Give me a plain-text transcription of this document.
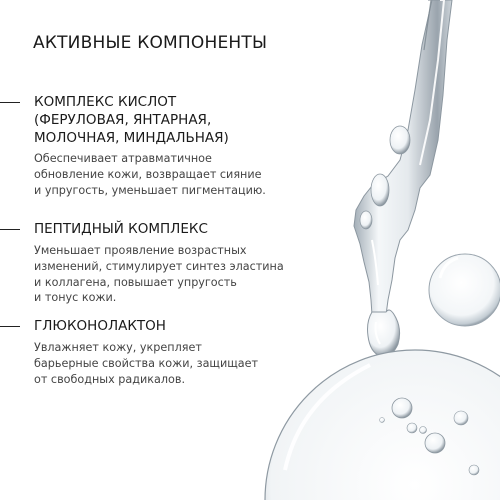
АКТИВНЫЕ КОМПОНЕНТЫ
КОМПЛЕКС КИСЛОТ
(ФЕРУЛОВАЯ, ЯНТАРНАЯ,
МОЛОЧНАЯ, МИНДАЛЬНАЯ)
Обеспечивает атравматичное
обновление кожи, возвращает сияние
и упругость, уменьшает пигментацию.
ПЕПТИДНЫЙ КОМПЛЕКС
Уменьшает проявление возрастных
изменений, стимулирует синтез эластина
и коллагена, повышает упругость
и тонус кожи.
ГЛЮКОНОЛАКТОН
Увлажняет кожу, укрепляет
барьерные свойства кожи, защищает
от свободных радикалов.
